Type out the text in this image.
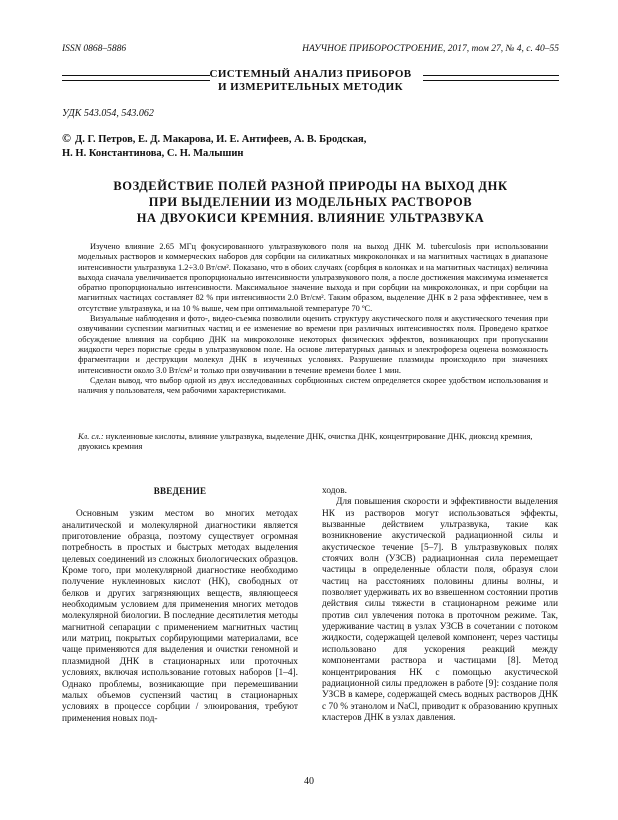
ISSN 0868–5886	НАУЧНОЕ ПРИБОРОСТРОЕНИЕ, 2017, том 27, № 4, с. 40–55
СИСТЕМНЫЙ АНАЛИЗ ПРИБОРОВ
И ИЗМЕРИТЕЛЬНЫХ МЕТОДИК
УДК 543.054, 543.062
© Д. Г. Петров, Е. Д. Макарова, И. Е. Антифеев, А. В. Бродская,
Н. Н. Константинова, С. Н. Малышин
ВОЗДЕЙСТВИЕ ПОЛЕЙ РАЗНОЙ ПРИРОДЫ НА ВЫХОД ДНК
ПРИ ВЫДЕЛЕНИИ ИЗ МОДЕЛЬНЫХ РАСТВОРОВ
НА ДВУОКИСИ КРЕМНИЯ. ВЛИЯНИЕ УЛЬТРАЗВУКА

Изучено влияние 2.65 МГц фокусированного ультразвукового поля на выход ДНК M. tuberculosis при использовании модельных растворов и коммерческих наборов для сорбции на силикатных микроколонках и на магнитных частицах в диапазоне интенсивности ультразвука 1.2÷3.0 Вт/см². Показано, что в обоих случаях (сорбция в колонках и на магнитных частицах) величина выхода сначала увеличивается пропорционально интенсивности ультразвукового поля, а после достижения максимума изменяется обратно пропорционально интенсивности. Максимальное значение выхода и при сорбции на микроколонках, и при сорбции на магнитных частицах составляет 82 % при интенсивности 2.0 Вт/см². Таким образом, выделение ДНК в 2 раза эффективнее, чем в отсутствие ультразвука, и на 10 % выше, чем при оптимальной температуре 70 ºС.

Визуальные наблюдения и фото-, видео-съемка позволили оценить структуру акустического поля и акустического течения при озвучивании суспензии магнитных частиц и ее изменение во времени при различных интенсивностях поля. Проведено краткое обсуждение влияния на сорбцию ДНК на микроколонке некоторых физических эффектов, возникающих при пропускании жидкости через пористые среды в ультразвуковом поле. На основе литературных данных и электрофореза оценена возможность фрагментации и деструкции молекул ДНК в изученных условиях. Разрушение плазмиды происходило при значениях интенсивности около 3.0 Вт/см² и только при озвучивании в течение времени более 1 мин.

Сделан вывод, что выбор одной из двух исследованных сорбционных систем определяется скорее удобством использования и наличия у пользователя, чем рабочими характеристиками.

Кл. сл.: нуклеиновые кислоты, влияние ультразвука, выделение ДНК, очистка ДНК, концентрирование ДНК, диоксид кремния, двуокись кремния
ВВЕДЕНИЕ

Основным узким местом во многих методах аналитической и молекулярной диагностики является приготовление образца, поэтому существует огромная потребность в простых и быстрых методах выделения целевых соединений из сложных биологических образцов. Кроме того, при молекулярной диагностике необходимо получение нуклеиновых кислот (НК), свободных от белков и других загрязняющих веществ, являющееся необходимым условием для применения многих методов молекулярной биологии. В последние десятилетия методы магнитной сепарации с применением магнитных частиц или матриц, покрытых сорбирующими материалами, все чаще применяются для выделения и очистки геномной и плазмидной ДНК в стационарных или проточных условиях, включая использование готовых наборов [1–4]. Однако проблемы, возникающие при перемешивании малых объемов суспензий частиц в стационарных условиях в процессе сорбции / элюирования, требуют применения новых под-

ходов.

Для повышения скорости и эффективности выделения НК из растворов могут использоваться эффекты, вызванные действием ультразвука, такие как возникновение акустической радиационной силы и акустическое течение [5–7]. В ультразвуковых полях стоячих волн (УЗСВ) радиационная сила перемещает частицы в определенные области поля, образуя слои частиц на расстояниях половины длины волны, и позволяет удерживать их во взвешенном состоянии против действия силы тяжести в стационарном режиме или против сил увлечения потока в проточном режиме. Так, удерживание частиц в узлах УЗСВ в сочетании с потоком жидкости, содержащей целевой компонент, через частицы использовано для ускорения реакций между компонентами раствора и частицами [8]. Метод концентрирования НК с помощью акустической радиационной силы предложен в работе [9]: создание поля УЗСВ в камере, содержащей смесь водных растворов ДНК с 70 % этанолом и NaCl, приводит к образованию крупных кластеров ДНК в узлах давления.

40
